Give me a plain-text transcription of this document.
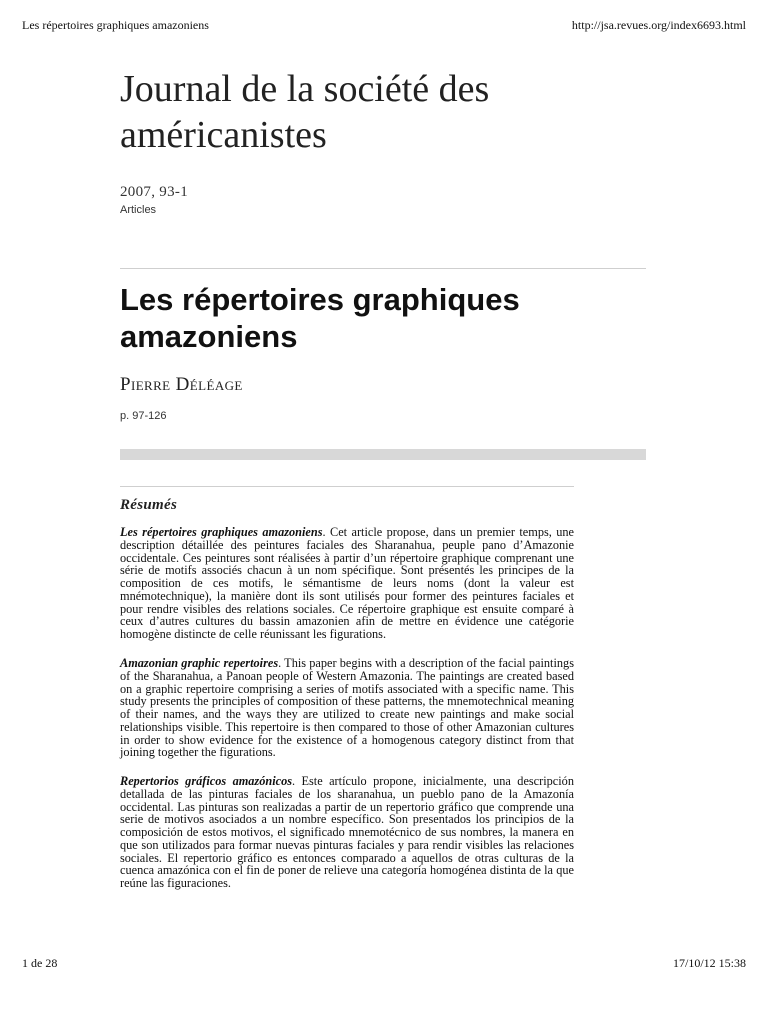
Les répertoires graphiques amazoniens	http://jsa.revues.org/index6693.html
Journal de la société des américanistes
2007, 93-1
Articles
Les répertoires graphiques amazoniens
Pierre Déléage
p. 97-126
Résumés

Les répertoires graphiques amazoniens. Cet article propose, dans un premier temps, une description détaillée des peintures faciales des Sharanahua, peuple pano d’Amazonie occidentale. Ces peintures sont réalisées à partir d’un répertoire graphique comprenant une série de motifs associés chacun à un nom spécifique. Sont présentés les principes de la composition de ces motifs, le sémantisme de leurs noms (dont la valeur est mnémotechnique), la manière dont ils sont utilisés pour former des peintures faciales et pour rendre visibles des relations sociales. Ce répertoire graphique est ensuite comparé à ceux d’autres cultures du bassin amazonien afin de mettre en évidence une catégorie homogène distincte de celle réunissant les figurations.

Amazonian graphic repertoires. This paper begins with a description of the facial paintings of the Sharanahua, a Panoan people of Western Amazonia. The paintings are created based on a graphic repertoire comprising a series of motifs associated with a specific name. This study presents the principles of composition of these patterns, the mnemotechnical meaning of their names, and the ways they are utilized to create new paintings and make social relationships visible. This repertoire is then compared to those of other Amazonian cultures in order to show evidence for the existence of a homogenous category distinct from that joining together the figurations.

Repertorios gráficos amazónicos. Este artículo propone, inicialmente, una descripción detallada de las pinturas faciales de los sharanahua, un pueblo pano de la Amazonía occidental. Las pinturas son realizadas a partir de un repertorio gráfico que comprende una serie de motivos asociados a un nombre específico. Son presentados los principios de la composición de estos motivos, el significado mnemotécnico de sus nombres, la manera en que son utilizados para formar nuevas pinturas faciales y para rendir visibles las relaciones sociales. El repertorio gráfico es entonces comparado a aquellos de otras culturas de la cuenca amazónica con el fin de poner de relieve una categoría homogénea distinta de la que reúne las figuraciones.

1 de 28	17/10/12 15:38
